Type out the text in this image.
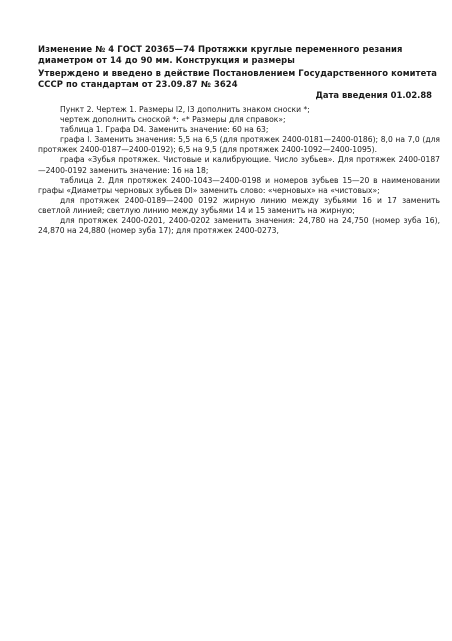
Изменение № 4 ГОСТ 20365—74 Протяжки круглые переменного резания диаметром от 14 до 90 мм. Конструкция и размеры
Утверждено и введено в действие Постановлением Государственного комитета СССР по стандартам от 23.09.87 № 3624
Дата введения 01.02.88

Пункт 2. Чертеж 1. Размеры l2, l3 дополнить знаком сноски *;

чертеж дополнить сноской *: «* Размеры для справок»;

таблица 1. Графа D4. Заменить значение: 60 на 63;

графа l. Заменить значения: 5,5 на 6,5 (для протяжек 2400-0181—2400-0186); 8,0 на 7,0 (для протяжек 2400-0187—2400-0192); 6,5 на 9,5 (для протяжек 2400-1092—2400-1095).

графа «Зубья протяжек. Чистовые и калибрующие. Число зубьев». Для протяжек 2400-0187—2400-0192 заменить значение: 16 на 18;

таблица 2. Для протяжек 2400-1043—2400-0198 и номеров зубьев 15—20 в наименовании графы «Диаметры черновых зубьев Dl» заменить слово: «черновых» на «чистовых»;

для протяжек 2400-0189—2400 0192 жирную линию между зубьями 16 и 17 заменить светлой линией; светлую линию между зубьями 14 и 15 заменить на жирную;

для протяжек 2400-0201, 2400-0202 заменить значения: 24,780 на 24,750 (номер зуба 16), 24,870 на 24,880 (номер зуба 17); для протяжек 2400-0273,
